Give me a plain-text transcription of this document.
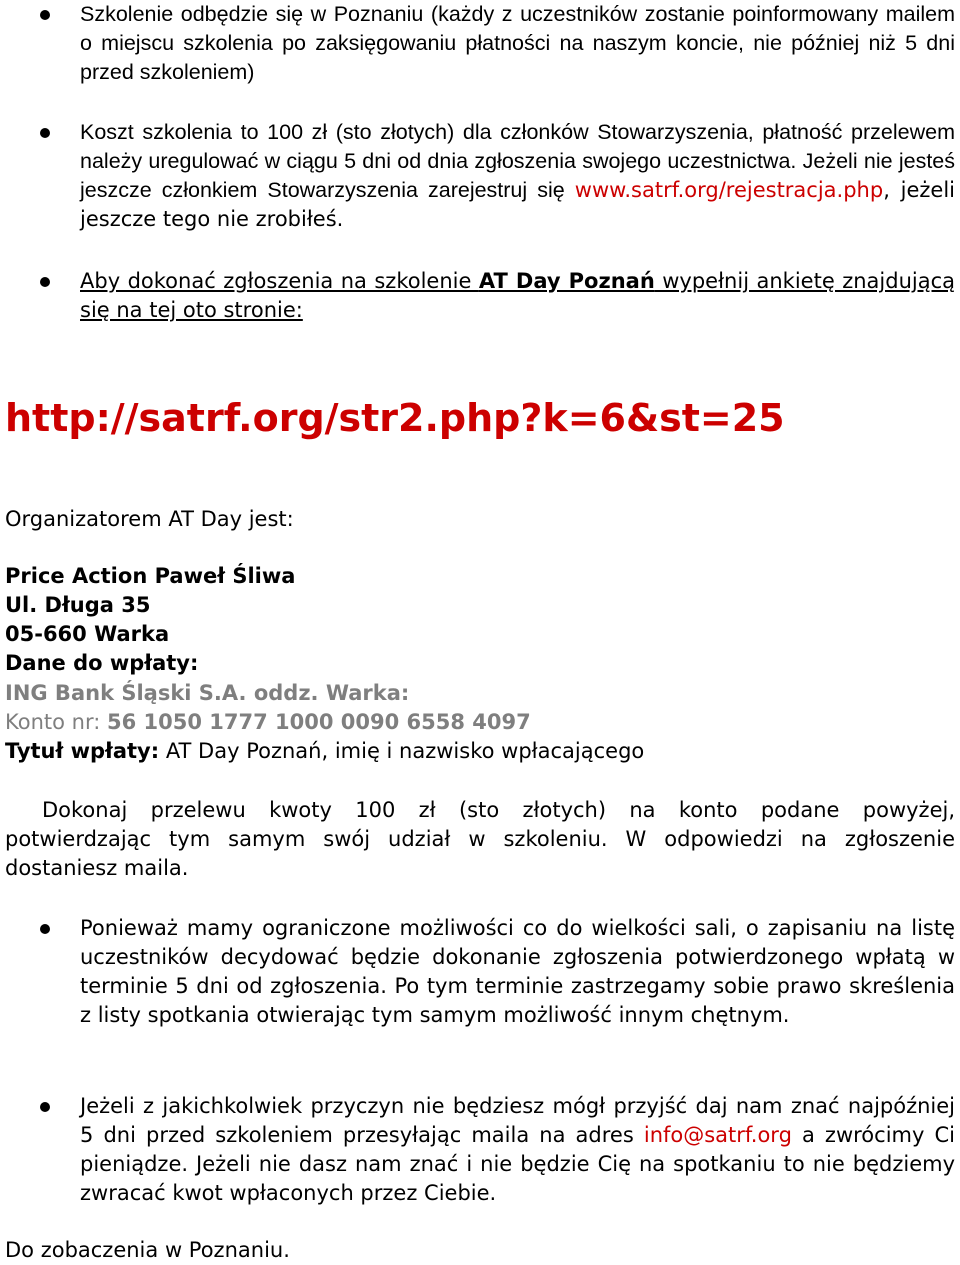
Szkolenie odbędzie się w Poznaniu (każdy z uczestników zostanie poinformowany mailem o miejscu szkolenia po zaksięgowaniu płatności na naszym koncie, nie później niż 5 dni przed szkoleniem)
Koszt szkolenia to 100 zł (sto złotych) dla członków Stowarzyszenia, płatność przelewem należy uregulować w ciągu 5 dni od dnia zgłoszenia swojego uczestnictwa. Jeżeli nie jesteś jeszcze członkiem Stowarzyszenia zarejestruj się www.satrf.org/rejestracja.php, jeżeli jeszcze tego nie zrobiłeś.
Aby dokonać zgłoszenia na szkolenie AT Day Poznań wypełnij ankietę znajdującą się na tej oto stronie:
http://satrf.org/str2.php?k=6&st=25
Organizatorem AT Day jest:
Price Action Paweł Śliwa
Ul. Długa 35
05-660 Warka
Dane do wpłaty:
ING Bank Śląski S.A. oddz. Warka:
Konto nr: 56 1050 1777 1000 0090 6558 4097
Tytuł wpłaty: AT Day Poznań, imię i nazwisko wpłacającego
Dokonaj przelewu kwoty 100 zł (sto złotych) na konto podane powyżej,
potwierdzając tym samym swój udział w szkoleniu. W odpowiedzi na zgłoszenie
dostaniesz maila.
Ponieważ mamy ograniczone możliwości co do wielkości sali, o zapisaniu na listę uczestników decydować będzie dokonanie zgłoszenia potwierdzonego wpłatą w terminie 5 dni od zgłoszenia. Po tym terminie zastrzegamy sobie prawo skreślenia z listy spotkania otwierając tym samym możliwość innym chętnym.
Jeżeli z jakichkolwiek przyczyn nie będziesz mógł przyjść daj nam znać najpóźniej 5 dni przed szkoleniem przesyłając maila na adres info@satrf.org a zwrócimy Ci pieniądze. Jeżeli nie dasz nam znać i nie będzie Cię na spotkaniu to nie będziemy zwracać kwot wpłaconych przez Ciebie.
Do zobaczenia w Poznaniu.
